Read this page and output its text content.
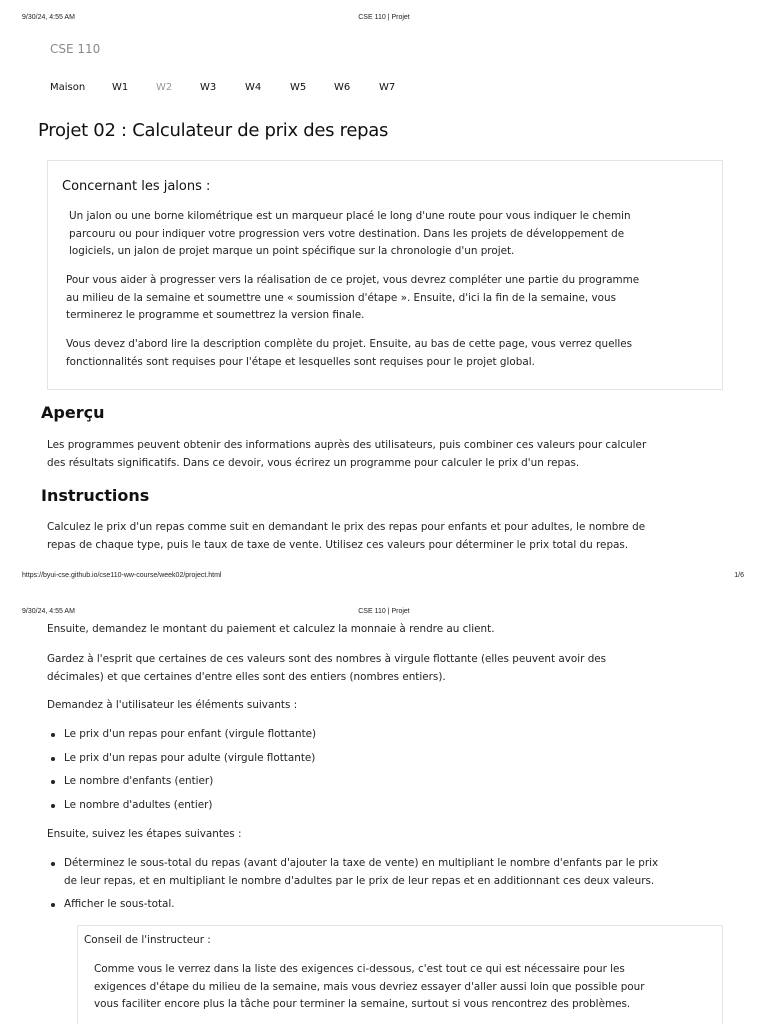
9/30/24, 4:55 AM	CSE 110 | Projet
CSE 110
Maison	W1	W2	W3	W4	W5	W6	W7
Projet 02 : Calculateur de prix des repas
Concernant les jalons :
Un jalon ou une borne kilométrique est un marqueur placé le long d'une route pour vous indiquer le chemin
parcouru ou pour indiquer votre progression vers votre destination. Dans les projets de développement de
logiciels, un jalon de projet marque un point spécifique sur la chronologie d'un projet.
Pour vous aider à progresser vers la réalisation de ce projet, vous devrez compléter une partie du programme
au milieu de la semaine et soumettre une « soumission d'étape ». Ensuite, d'ici la fin de la semaine, vous
terminerez le programme et soumettrez la version finale.
Vous devez d'abord lire la description complète du projet. Ensuite, au bas de cette page, vous verrez quelles
fonctionnalités sont requises pour l'étape et lesquelles sont requises pour le projet global.
Aperçu
Les programmes peuvent obtenir des informations auprès des utilisateurs, puis combiner ces valeurs pour calculer
des résultats significatifs. Dans ce devoir, vous écrirez un programme pour calculer le prix d'un repas.
Instructions
Calculez le prix d'un repas comme suit en demandant le prix des repas pour enfants et pour adultes, le nombre de
repas de chaque type, puis le taux de taxe de vente. Utilisez ces valeurs pour déterminer le prix total du repas.
https://byui-cse.github.io/cse110-ww-course/week02/project.html	1/6
9/30/24, 4:55 AM	CSE 110 | Projet
Ensuite, demandez le montant du paiement et calculez la monnaie à rendre au client.
Gardez à l'esprit que certaines de ces valeurs sont des nombres à virgule flottante (elles peuvent avoir des
décimales) et que certaines d'entre elles sont des entiers (nombres entiers).
Demandez à l'utilisateur les éléments suivants :
Le prix d'un repas pour enfant (virgule flottante)
Le prix d'un repas pour adulte (virgule flottante)
Le nombre d'enfants (entier)
Le nombre d'adultes (entier)
Ensuite, suivez les étapes suivantes :
Déterminez le sous-total du repas (avant d'ajouter la taxe de vente) en multipliant le nombre d'enfants par le prix
de leur repas, et en multipliant le nombre d'adultes par le prix de leur repas et en additionnant ces deux valeurs.
Afficher le sous-total.
Conseil de l'instructeur :
Comme vous le verrez dans la liste des exigences ci-dessous, c'est tout ce qui est nécessaire pour les
exigences d'étape du milieu de la semaine, mais vous devriez essayer d'aller aussi loin que possible pour
vous faciliter encore plus la tâche pour terminer la semaine, surtout si vous rencontrez des problèmes.
